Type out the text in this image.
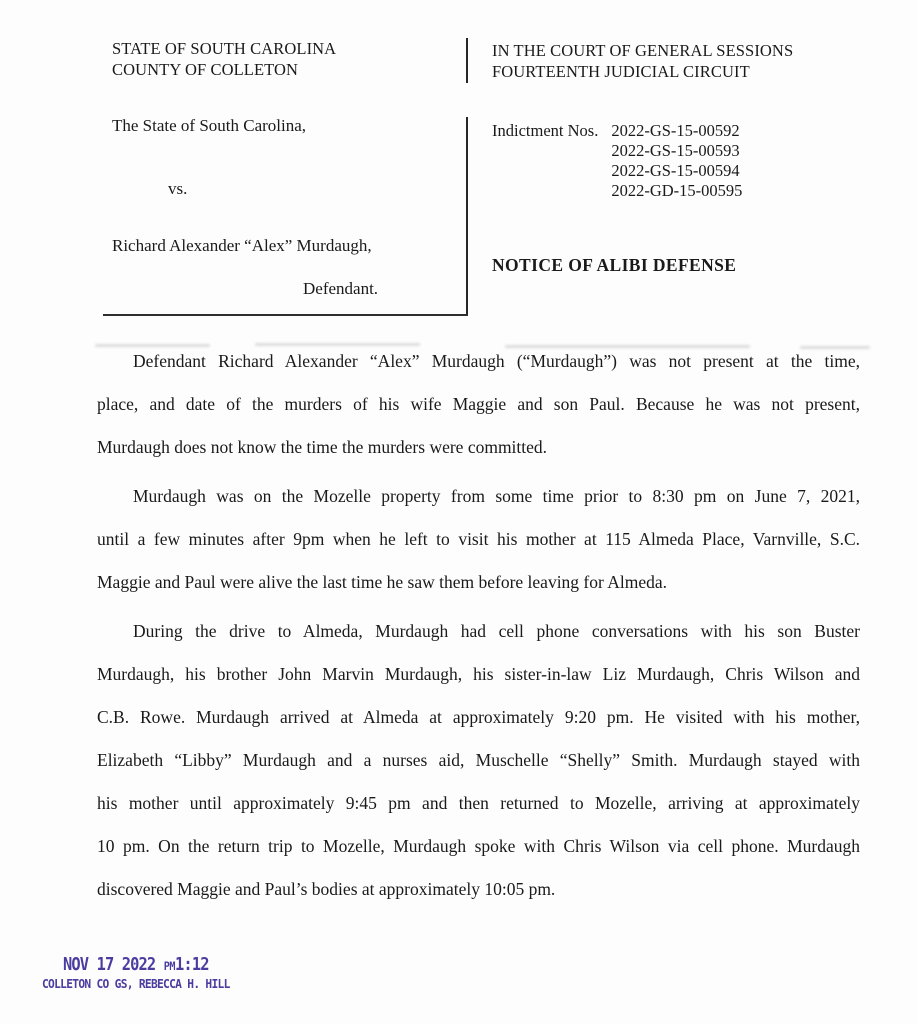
STATE OF SOUTH CAROLINA
COUNTY OF COLLETON
IN THE COURT OF GENERAL SESSIONS
FOURTEENTH JUDICIAL CIRCUIT
The State of South Carolina,
vs.
Richard Alexander “Alex” Murdaugh,
Defendant.
Indictment Nos. 2022-GS-15-00592
2022-GS-15-00593
2022-GS-15-00594
2022-GD-15-00595
NOTICE OF ALIBI DEFENSE
Defendant Richard Alexander “Alex” Murdaugh (“Murdaugh”) was not present at the time,
place, and date of the murders of his wife Maggie and son Paul. Because he was not present,
Murdaugh does not know the time the murders were committed.
Murdaugh was on the Mozelle property from some time prior to 8:30 pm on June 7, 2021,
until a few minutes after 9pm when he left to visit his mother at 115 Almeda Place, Varnville, S.C.
Maggie and Paul were alive the last time he saw them before leaving for Almeda.
During the drive to Almeda, Murdaugh had cell phone conversations with his son Buster
Murdaugh, his brother John Marvin Murdaugh, his sister-in-law Liz Murdaugh, Chris Wilson and
C.B. Rowe. Murdaugh arrived at Almeda at approximately 9:20 pm. He visited with his mother,
Elizabeth “Libby” Murdaugh and a nurses aid, Muschelle “Shelly” Smith. Murdaugh stayed with
his mother until approximately 9:45 pm and then returned to Mozelle, arriving at approximately
10 pm. On the return trip to Mozelle, Murdaugh spoke with Chris Wilson via cell phone. Murdaugh
discovered Maggie and Paul’s bodies at approximately 10:05 pm.
NOV 17 2022 PM1:12
COLLETON CO GS, REBECCA H. HILL
